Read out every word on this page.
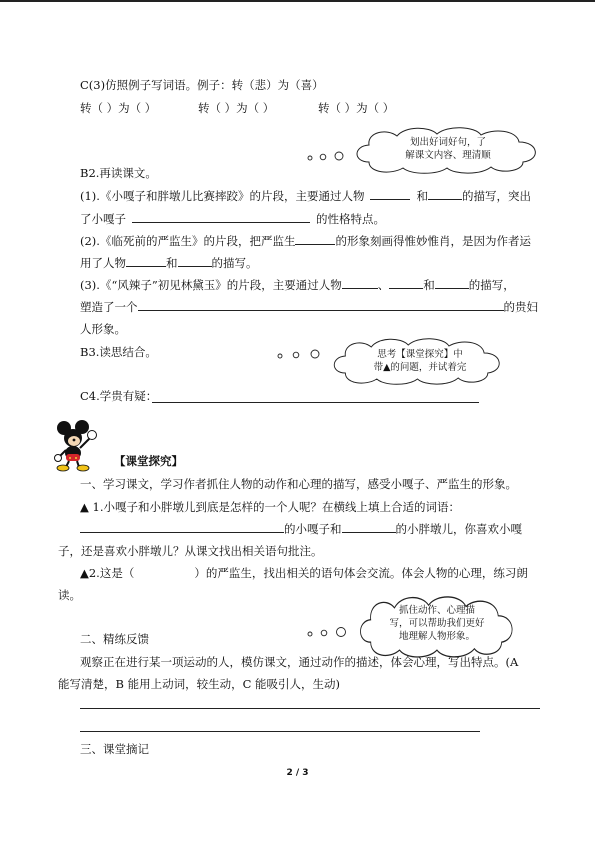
C(3)仿照例子写词语。例子：转（悲）为（喜）
转（ ）为（ ）	转（ ）为（ ）	转（ ）为（ ）
划出好词好句，了
解课文内容、理清顺
B2.再读课文。
(1).《小嘎子和胖墩儿比赛摔跤》的片段，主要通过人物	和	的描写，突出
了小嘎子	的性格特点。
(2).《临死前的严监生》的片段，把严监生	的形象刻画得惟妙惟肖，是因为作者运
用了人物	和	的描写。
(3).《“风辣子”初见林黛玉》的片段，主要通过人物	、	和	的描写，
塑造了一个	的贵妇
人形象。
B3.读思结合。	思考【课堂探究】中
带▲的问题，并试着完
C4.学贵有疑：
【课堂探究】
一、学习课文，学习作者抓住人物的动作和心理的描写，感受小嘎子、严监生的形象。
▲ 1.小嘎子和小胖墩儿到底是怎样的一个人呢？在横线上填上合适的词语：
的小嘎子和	的小胖墩儿，你喜欢小嘎
子，还是喜欢小胖墩儿？从课文找出相关语句批注。
▲2.这是（	）的严监生，找出相关的语句体会交流。体会人物的心理，练习朗
读。
抓住动作、心理描
写，可以帮助我们更好
地理解人物形象。
二、精练反馈
观察正在进行某一项运动的人，模仿课文，通过动作的描述，体会心理，写出特点。(A
能写清楚，B 能用上动词，较生动，C 能吸引人，生动)
三、课堂摘记
2 / 3
